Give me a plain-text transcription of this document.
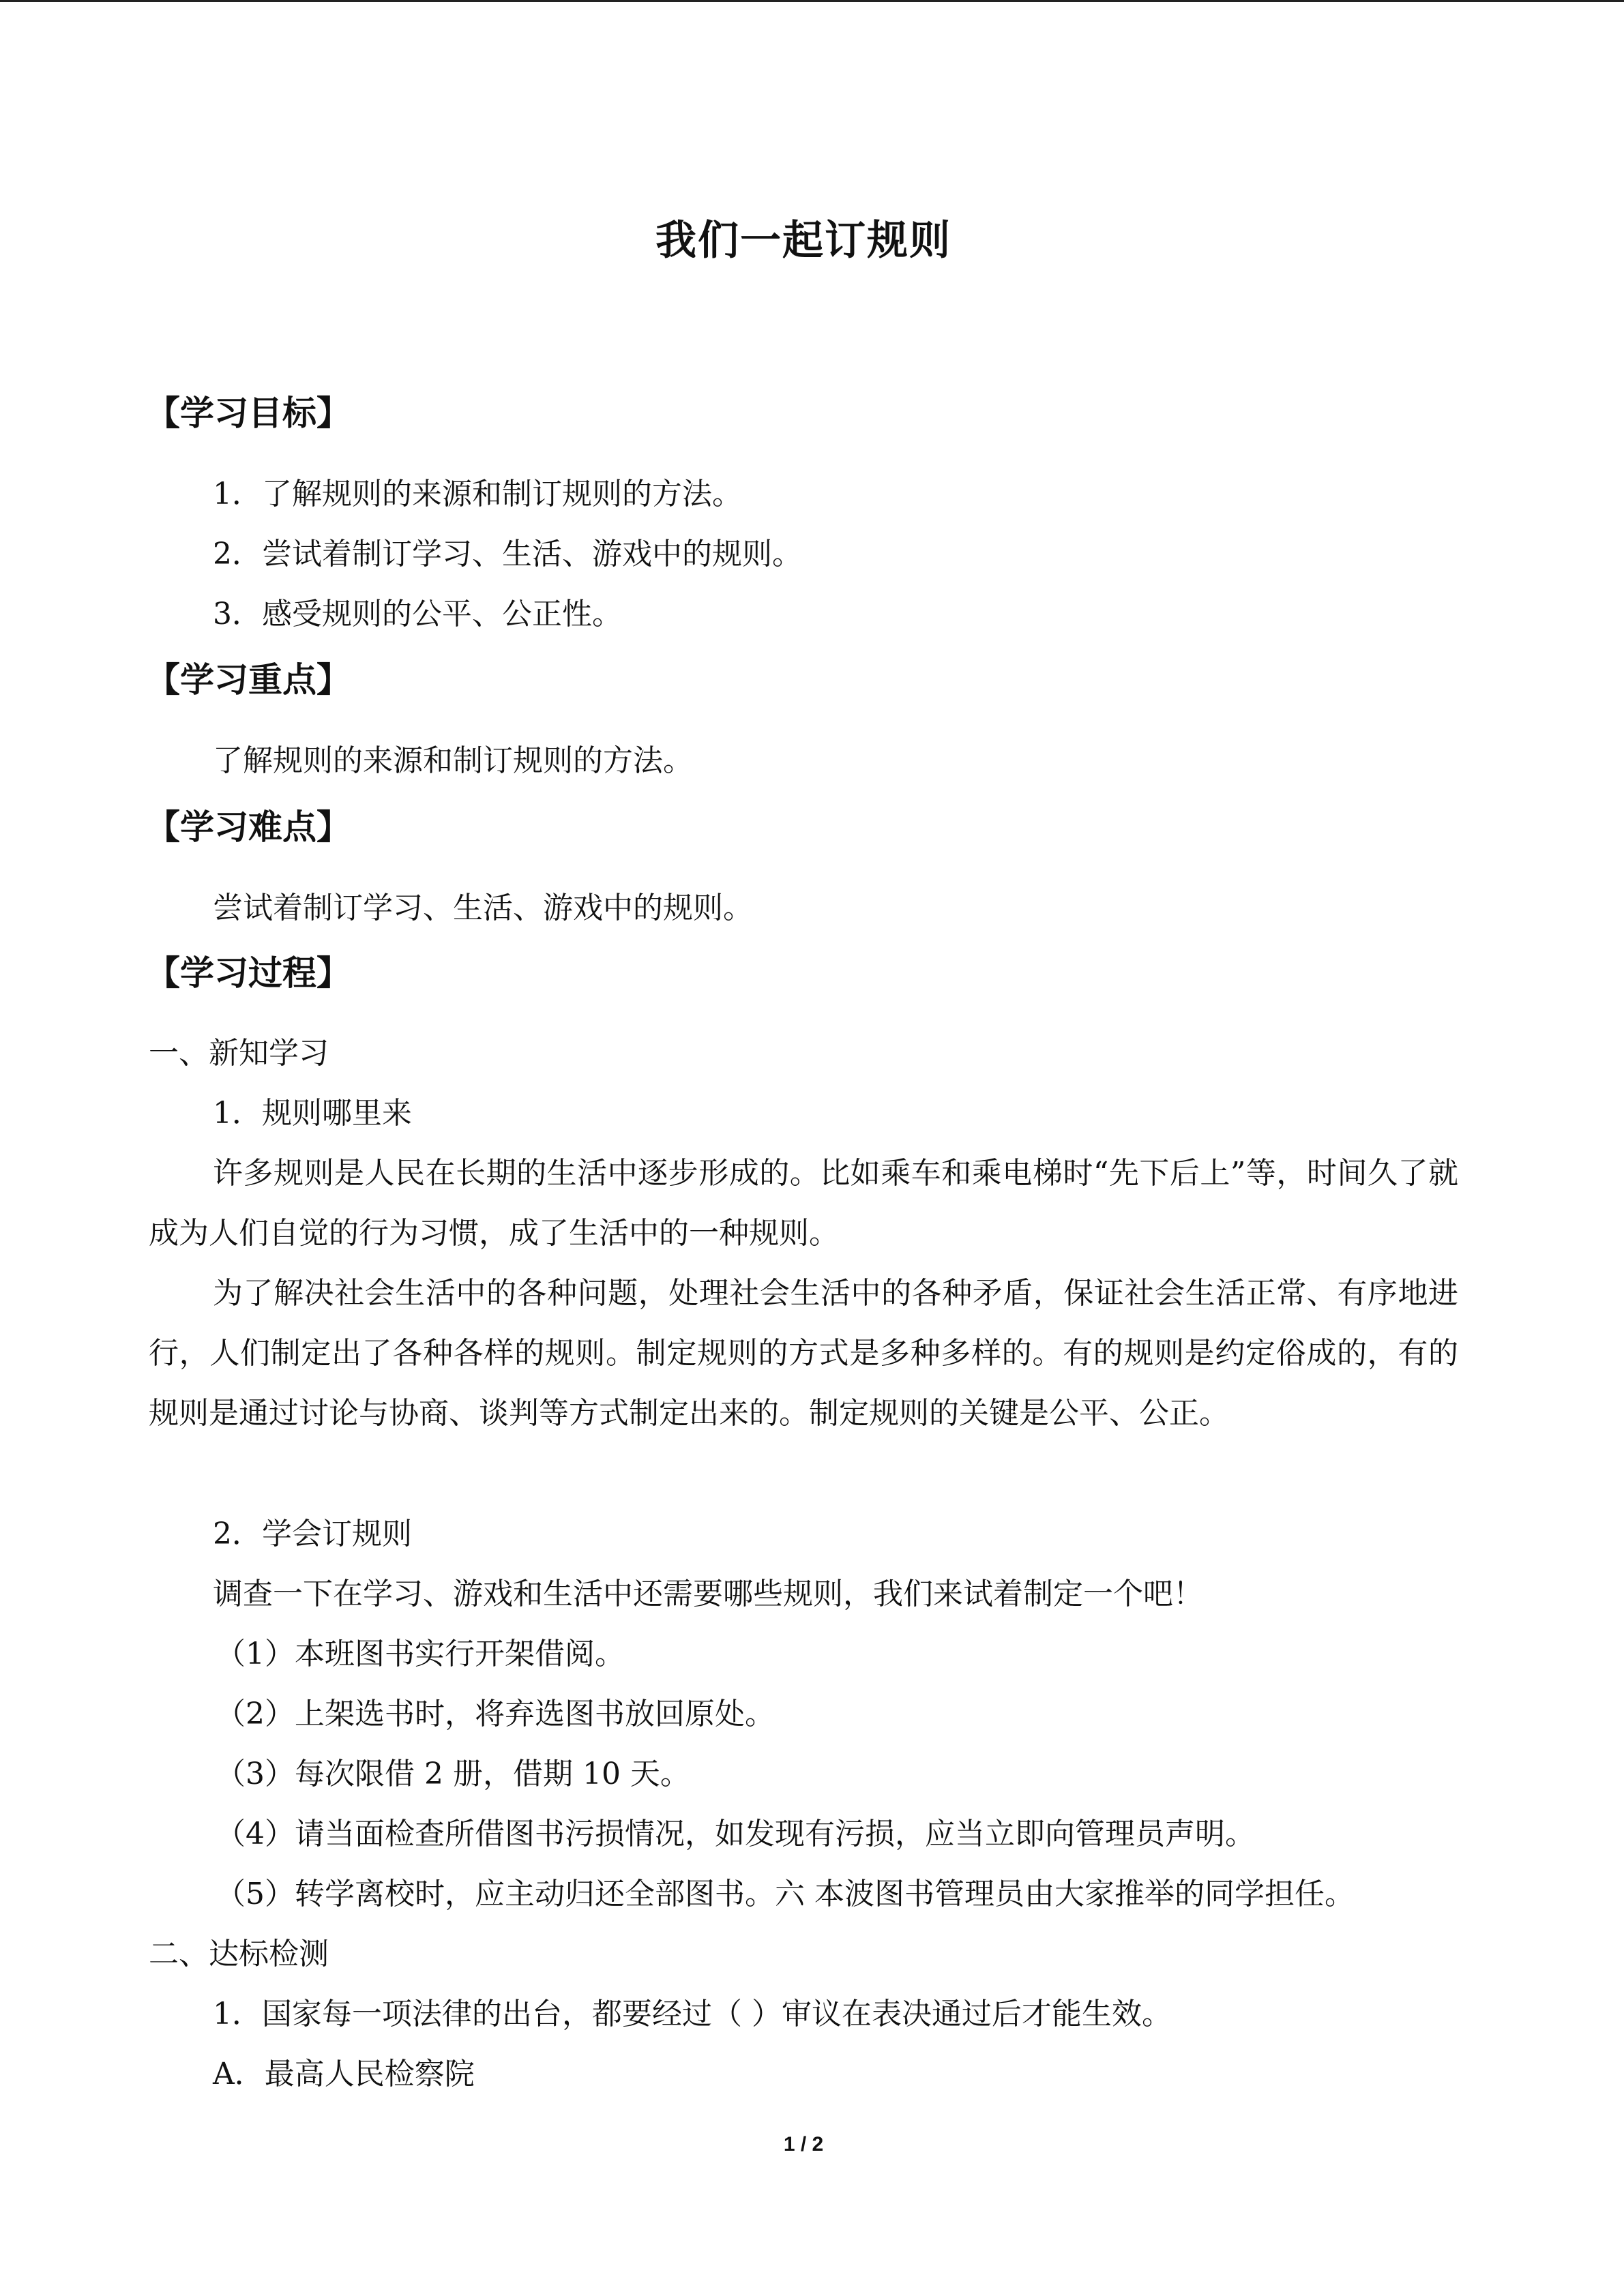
我们一起订规则
【学习目标】
1．了解规则的来源和制订规则的方法。
2．尝试着制订学习、生活、游戏中的规则。
3．感受规则的公平、公正性。
【学习重点】
了解规则的来源和制订规则的方法。
【学习难点】
尝试着制订学习、生活、游戏中的规则。
【学习过程】
一、新知学习
1．规则哪里来

许多规则是人民在长期的生活中逐步形成的。比如乘车和乘电梯时“先下后上”等，时间久了就成为人们自觉的行为习惯，成了生活中的一种规则。

为了解决社会生活中的各种问题，处理社会生活中的各种矛盾，保证社会生活正常、有序地进行，人们制定出了各种各样的规则。制定规则的方式是多种多样的。有的规则是约定俗成的，有的规则是通过讨论与协商、谈判等方式制定出来的。制定规则的关键是公平、公正。

2．学会订规则
调查一下在学习、游戏和生活中还需要哪些规则，我们来试着制定一个吧！
（1）本班图书实行开架借阅。
（2）上架选书时，将弃选图书放回原处。
（3）每次限借 2 册，借期 10 天。
（4）请当面检查所借图书污损情况，如发现有污损，应当立即向管理员声明。
（5）转学离校时，应主动归还全部图书。六 本波图书管理员由大家推举的同学担任。
二、达标检测
1．国家每一项法律的出台，都要经过（ ）审议在表决通过后才能生效。
A．最高人民检察院
1 / 2
